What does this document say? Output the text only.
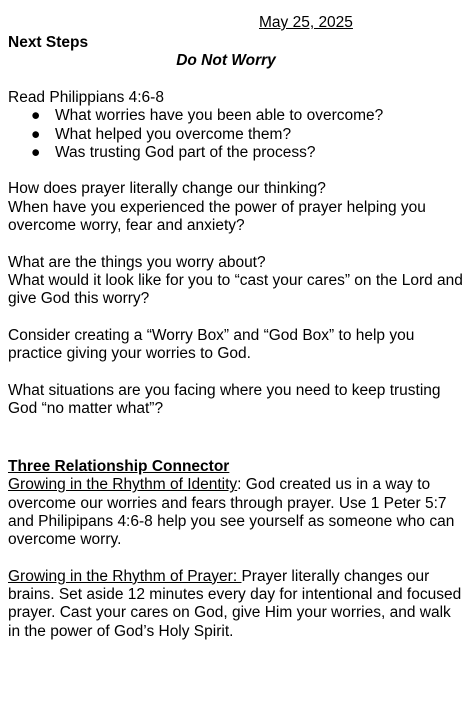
May 25, 2025
Next Steps
Do Not Worry

Read Philippians 4:6-8

● What worries have you been able to overcome?
● What helped you overcome them?
● Was trusting God part of the process?

How does prayer literally change our thinking?

When have you experienced the power of prayer helping you overcome worry, fear and anxiety?

What are the things you worry about?

What would it look like for you to “cast your cares” on the Lord and give God this worry?

Consider creating a “Worry Box” and “God Box” to help you practice giving your worries to God.

What situations are you facing where you need to keep trusting God “no matter what”?

Three Relationship Connector

Growing in the Rhythm of Identity: God created us in a way to overcome our worries and fears through prayer. Use 1 Peter 5:7 and Philipipans 4:6-8 help you see yourself as someone who can overcome worry.

Growing in the Rhythm of Prayer: Prayer literally changes our brains. Set aside 12 minutes every day for intentional and focused prayer. Cast your cares on God, give Him your worries, and walk in the power of God’s Holy Spirit.
